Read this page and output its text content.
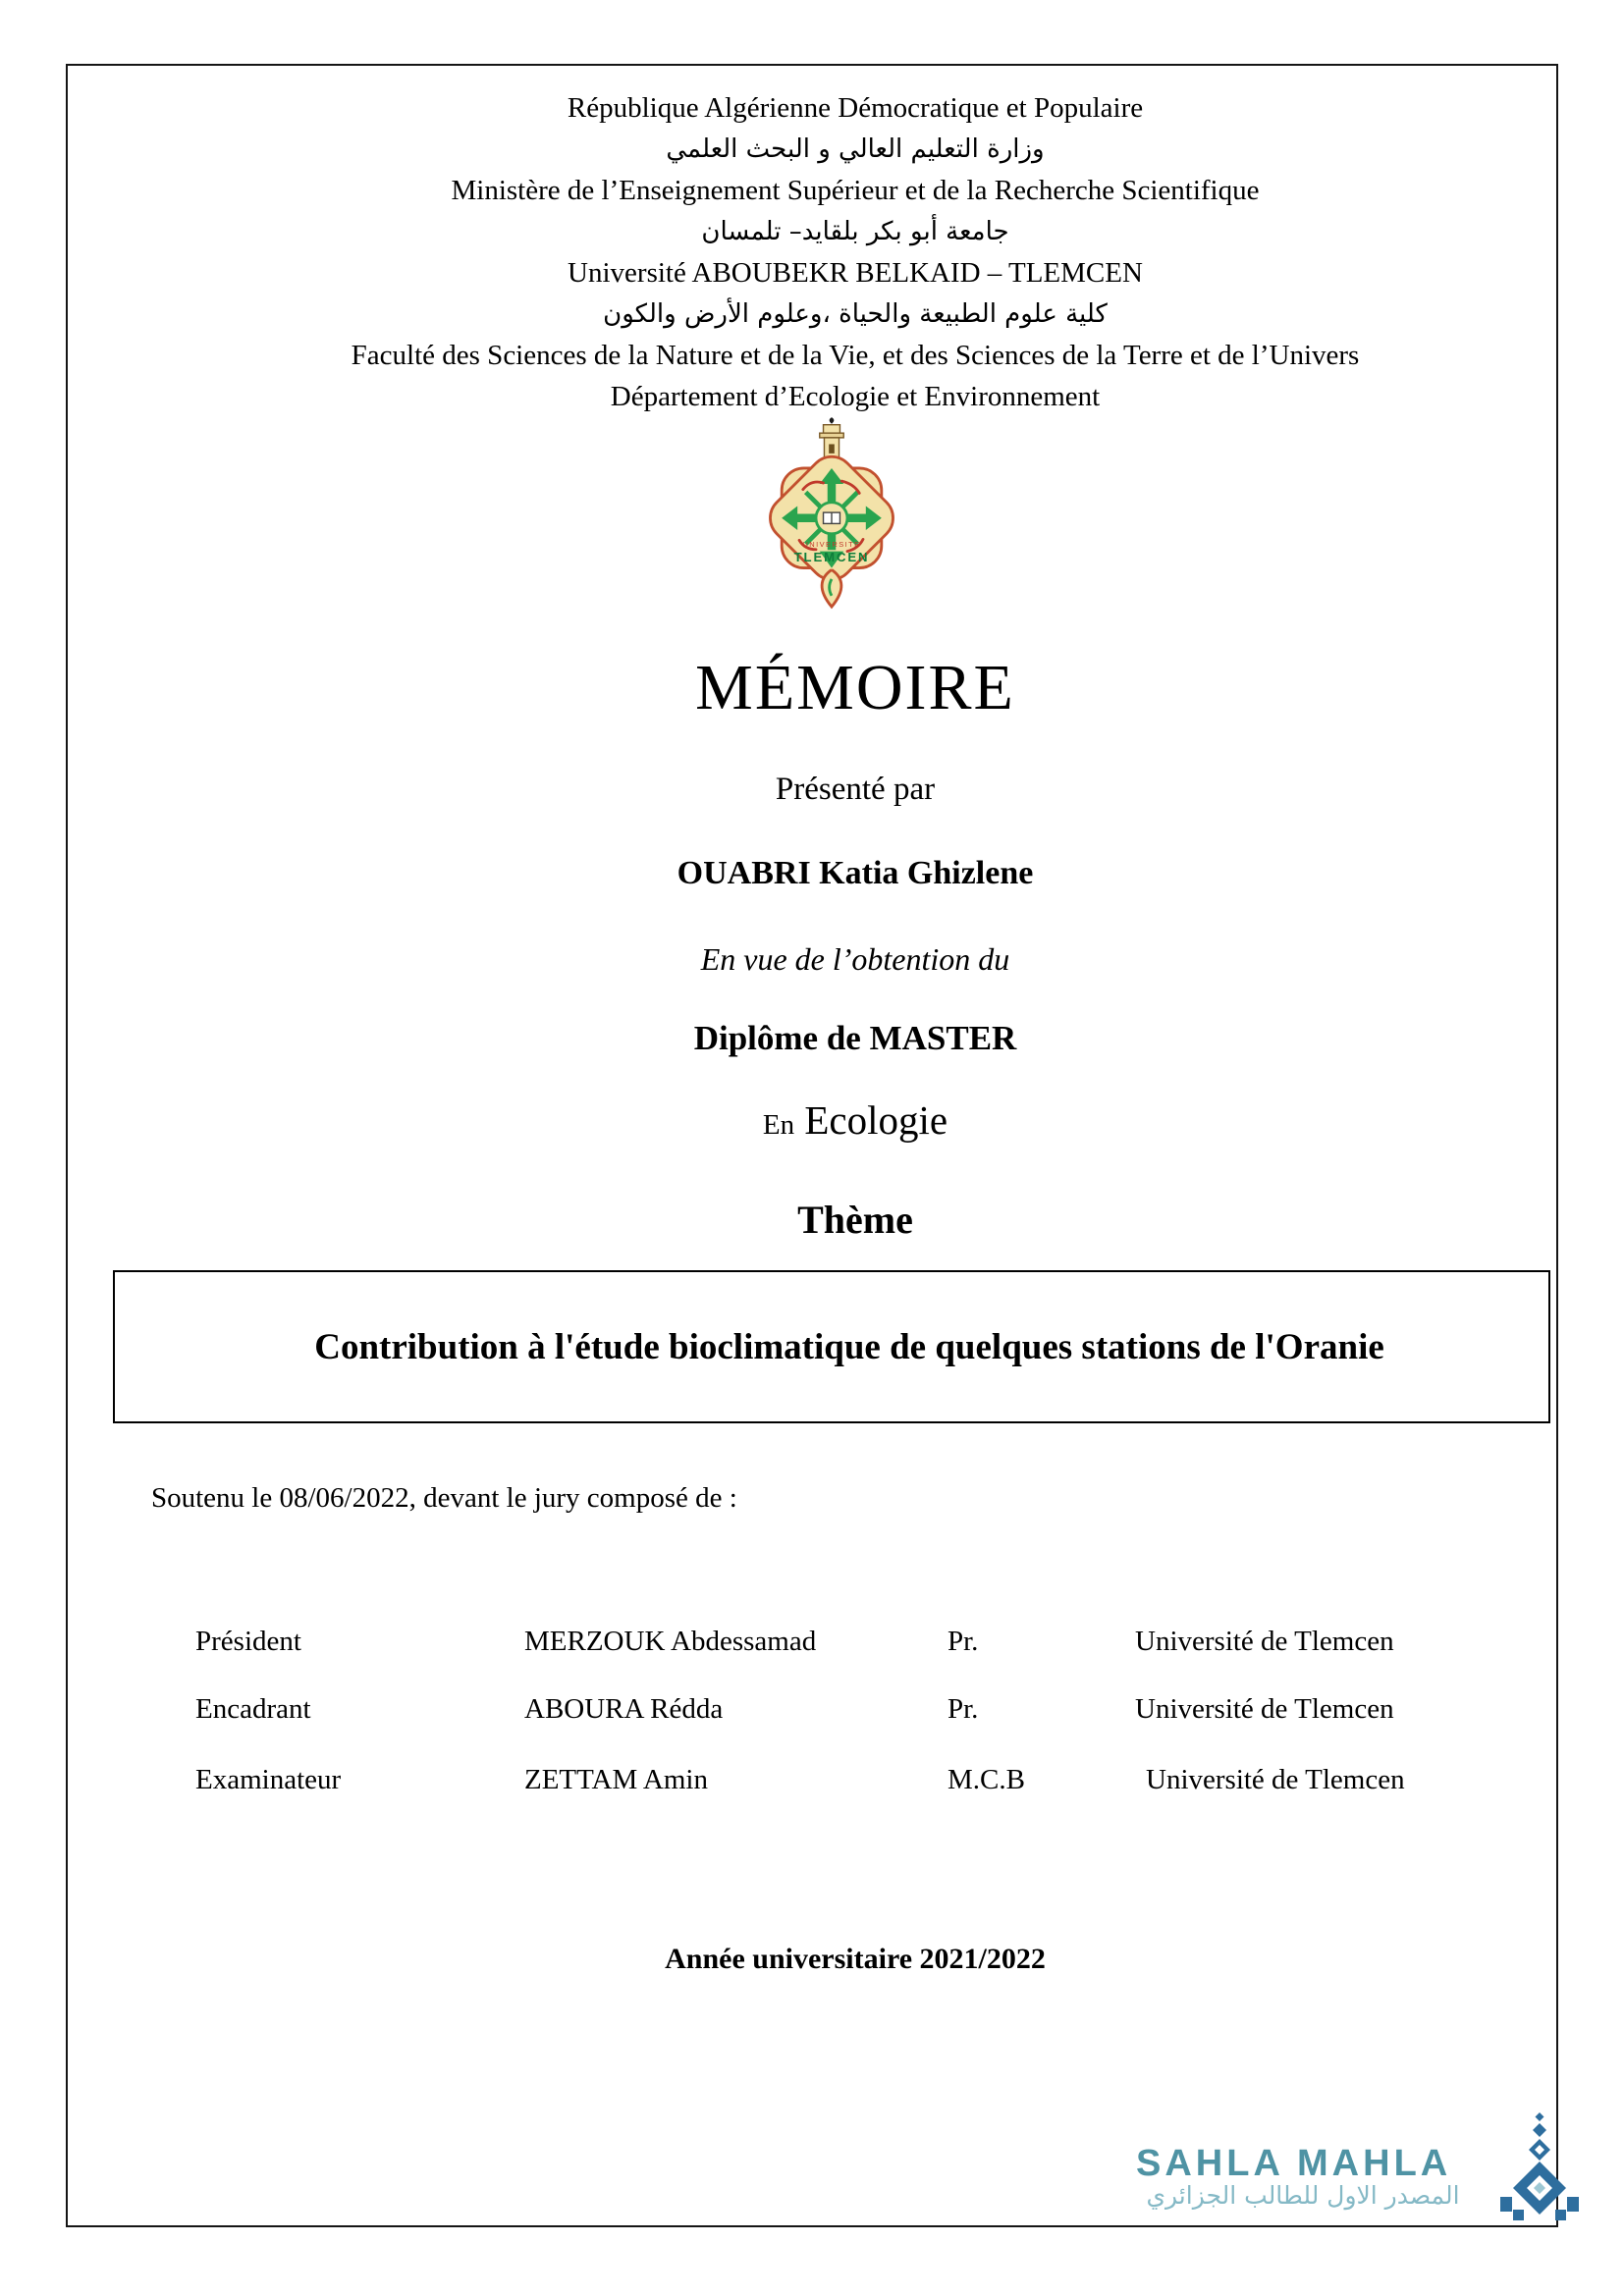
République Algérienne Démocratique et Populaire
وزارة التعليم العالي و البحث العلمي
Ministère de l’Enseignement Supérieur et de la Recherche Scientifique
جامعة أبو بكر بلقايد– تلمسان
Université ABOUBEKR BELKAID – TLEMCEN
كلية علوم الطبيعة والحياة ،وعلوم الأرض والكون
Faculté des Sciences de la Nature et de la Vie, et des Sciences de la Terre et de l’Univers
Département d’Ecologie et Environnement
UNIVERSITE
TLEMCEN
MÉMOIRE
Présenté par
OUABRI Katia Ghizlene
En vue de l’obtention du
Diplôme de MASTER
En Ecologie
Thème
Contribution à l'étude bioclimatique de quelques stations de l'Oranie
Soutenu le 08/06/2022, devant le jury composé de :
Président	MERZOUK Abdessamad	Pr.	Université de Tlemcen
Encadrant	ABOURA Rédda	Pr.	Université de Tlemcen
Examinateur	ZETTAM Amin	M.C.B	Université de Tlemcen
Année universitaire 2021/2022
SAHLA MAHLA
المصدر الاول للطالب الجزائري
